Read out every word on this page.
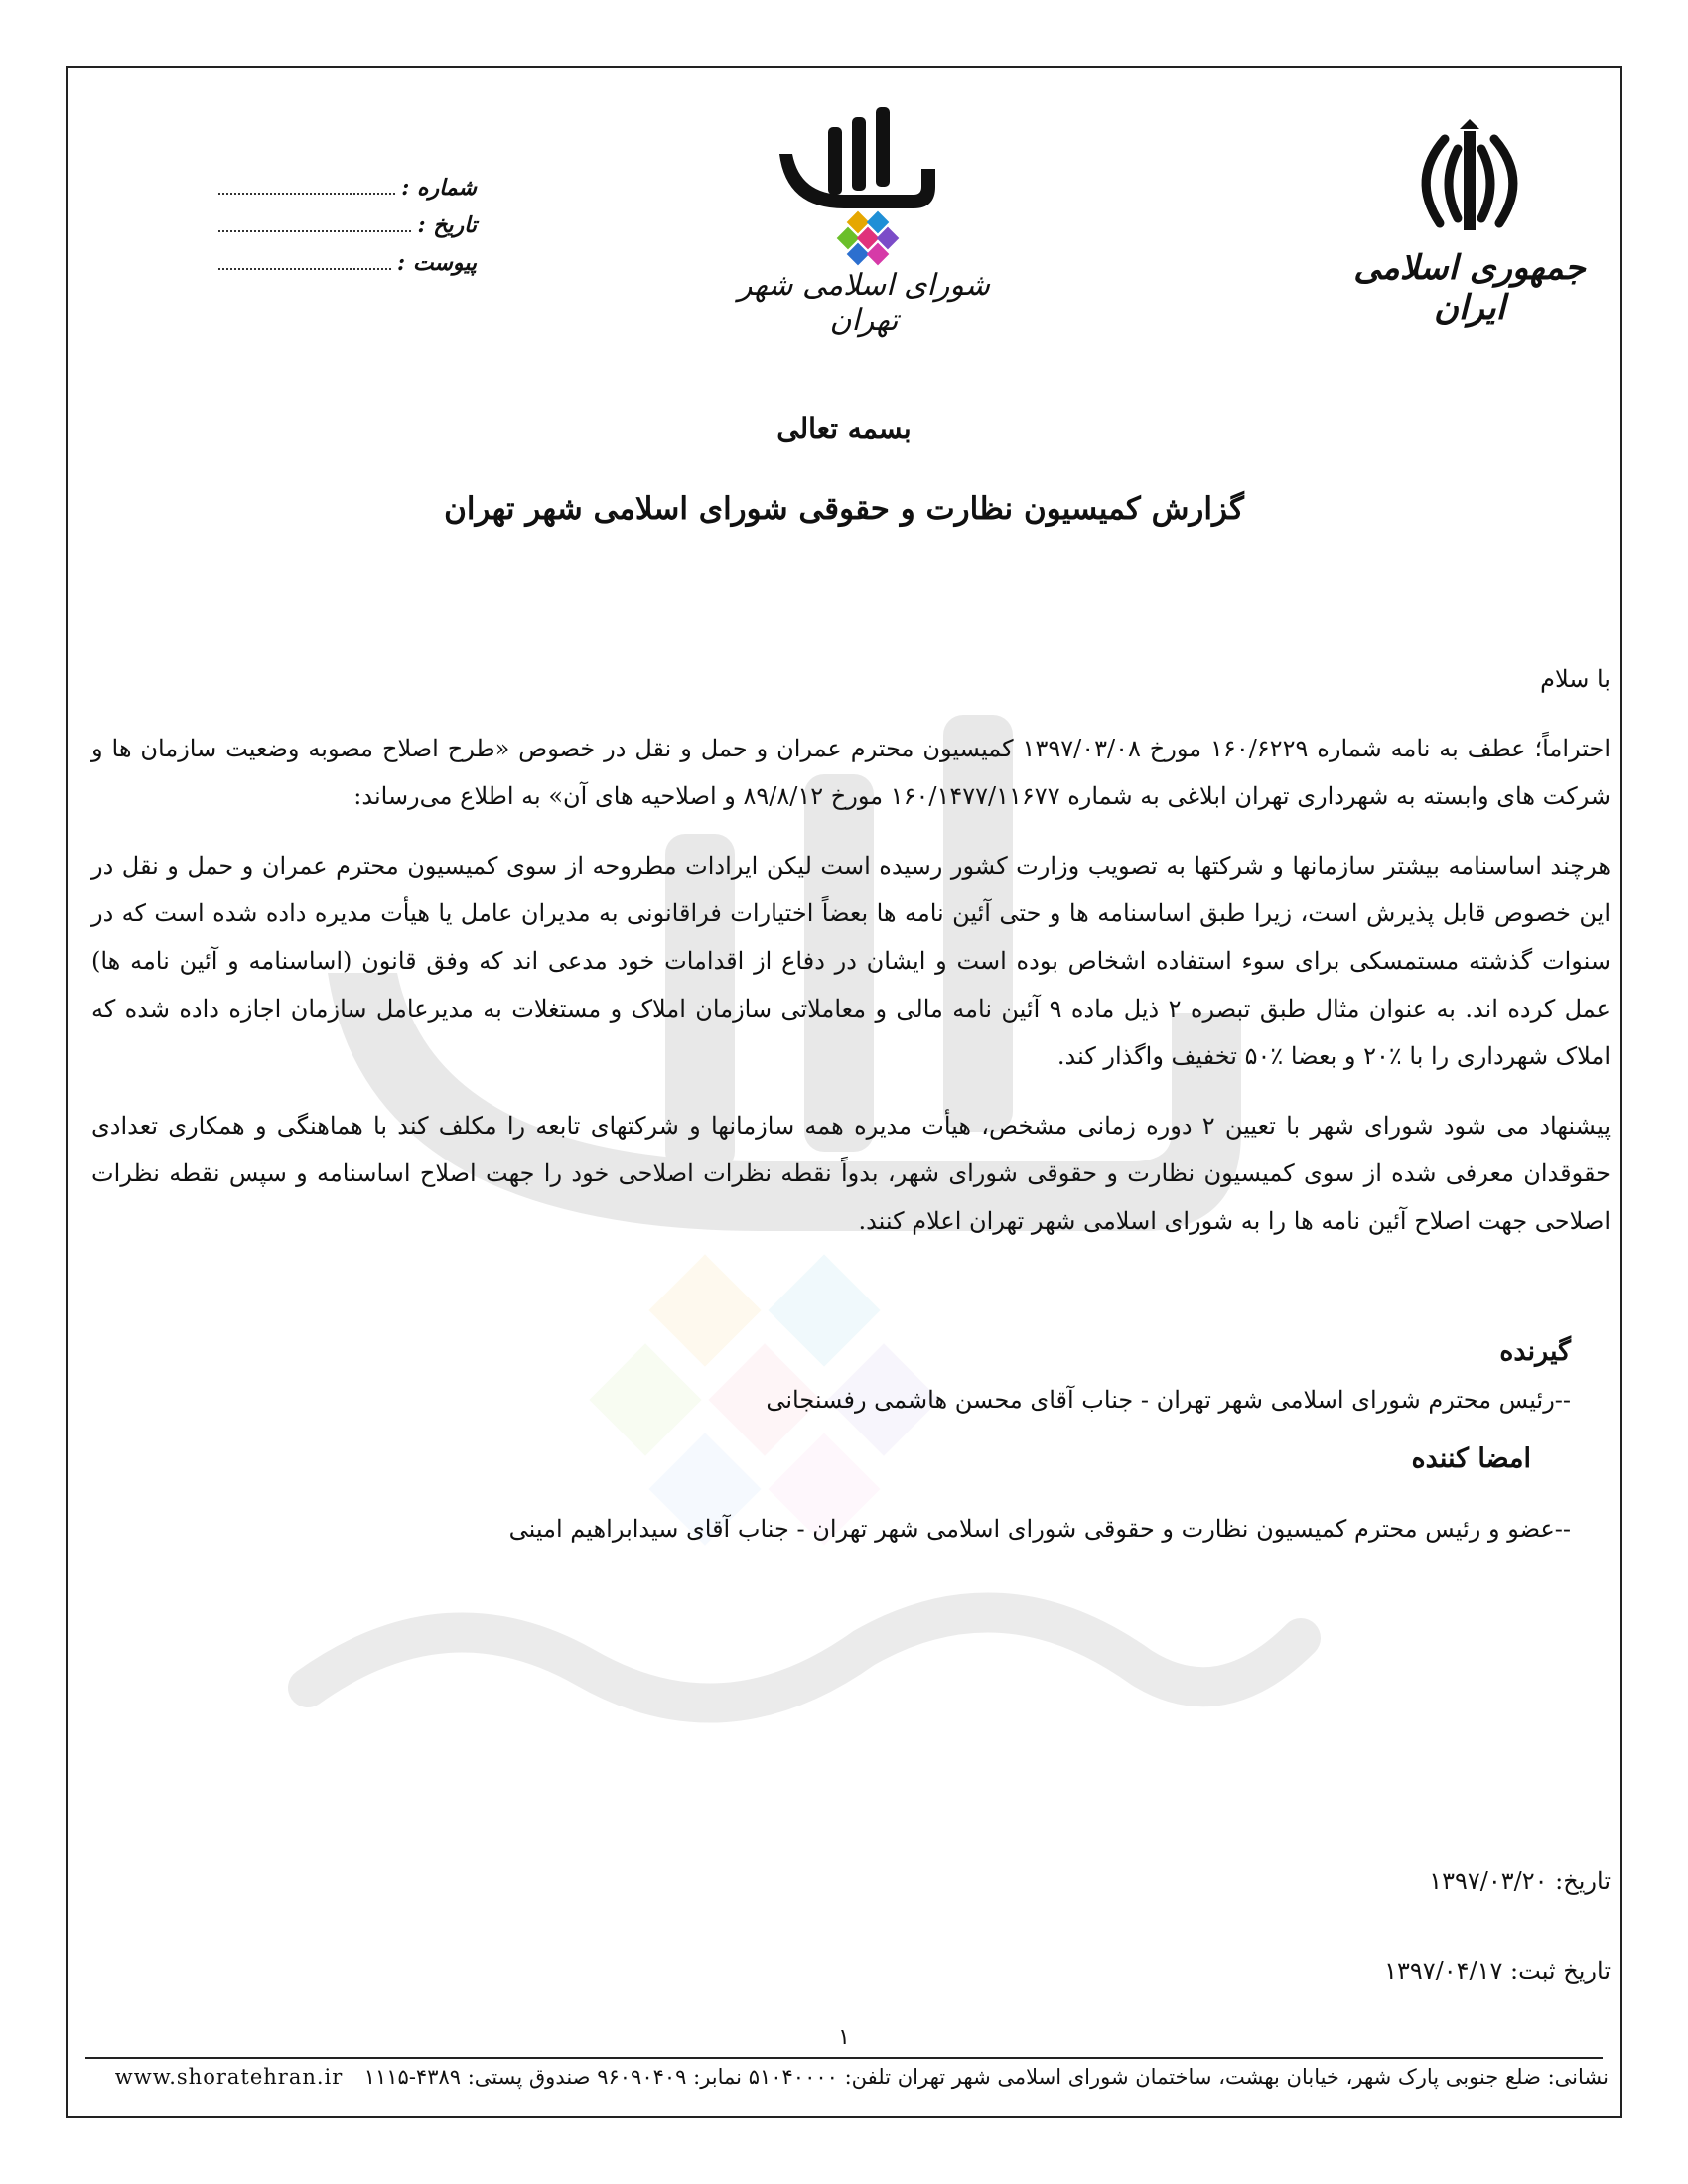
جمهوری اسلامی ایران
شورای اسلامی شهر تهران
شماره :
تاریخ :
پیوست :
بسمه تعالی
گزارش کمیسیون نظارت و حقوقی شورای اسلامی شهر تهران

با سلام

احتراماً؛ عطف به نامه شماره ۱۶۰/۶۲۲۹ مورخ ۱۳۹۷/۰۳/۰۸ کمیسیون محترم عمران و حمل و نقل در خصوص «طرح اصلاح مصوبه وضعیت سازمان ها و شرکت های وابسته به شهرداری تهران ابلاغی به شماره ۱۶۰/۱۴۷۷/۱۱۶۷۷ مورخ ۸۹/۸/۱۲ و اصلاحیه های آن» به اطلاع می‌رساند:

هرچند اساسنامه بیشتر سازمانها و شرکتها به تصویب وزارت کشور رسیده است لیکن ایرادات مطروحه از سوی کمیسیون محترم عمران و حمل و نقل در این خصوص قابل پذیرش است، زیرا طبق اساسنامه ها و حتی آئین نامه ها بعضاً اختیارات فراقانونی به مدیران عامل یا هیأت مدیره داده شده است که در سنوات گذشته مستمسکی برای سوء استفاده اشخاص بوده است و ایشان در دفاع از اقدامات خود مدعی اند که وفق قانون (اساسنامه و آئین نامه ها) عمل کرده اند. به عنوان مثال طبق تبصره ۲ ذیل ماده ۹ آئین نامه مالی و معاملاتی سازمان املاک و مستغلات به مدیرعامل سازمان اجازه داده شده که املاک شهرداری را با ٪۲۰ و بعضا ٪۵۰ تخفیف واگذار کند.

پیشنهاد می شود شورای شهر با تعیین ۲ دوره زمانی مشخص، هیأت مدیره همه سازمانها و شرکتهای تابعه را مکلف کند با هماهنگی و همکاری تعدادی حقوقدان معرفی شده از سوی کمیسیون نظارت و حقوقی شورای شهر، بدواً نقطه نظرات اصلاحی خود را جهت اصلاح اساسنامه و سپس نقطه نظرات اصلاحی جهت اصلاح آئین نامه ها را به شورای اسلامی شهر تهران اعلام کنند.

گیرنده
--رئیس محترم شورای اسلامی شهر تهران - جناب آقای محسن هاشمی رفسنجانی
امضا کننده
--عضو و رئیس محترم کمیسیون نظارت و حقوقی شورای اسلامی شهر تهران - جناب آقای سیدابراهیم امینی
تاریخ: ۱۳۹۷/۰۳/۲۰
تاریخ ثبت: ۱۳۹۷/۰۴/۱۷
۱
نشانی: ضلع جنوبی پارک شهر، خیابان بهشت، ساختمان شورای اسلامی شهر تهران تلفن: ۵۱۰۴۰۰۰۰ نمابر: ۹۶۰۹۰۴۰۹ صندوق پستی: ۴۳۸۹-۱۱۱۵  www.shoratehran.ir
